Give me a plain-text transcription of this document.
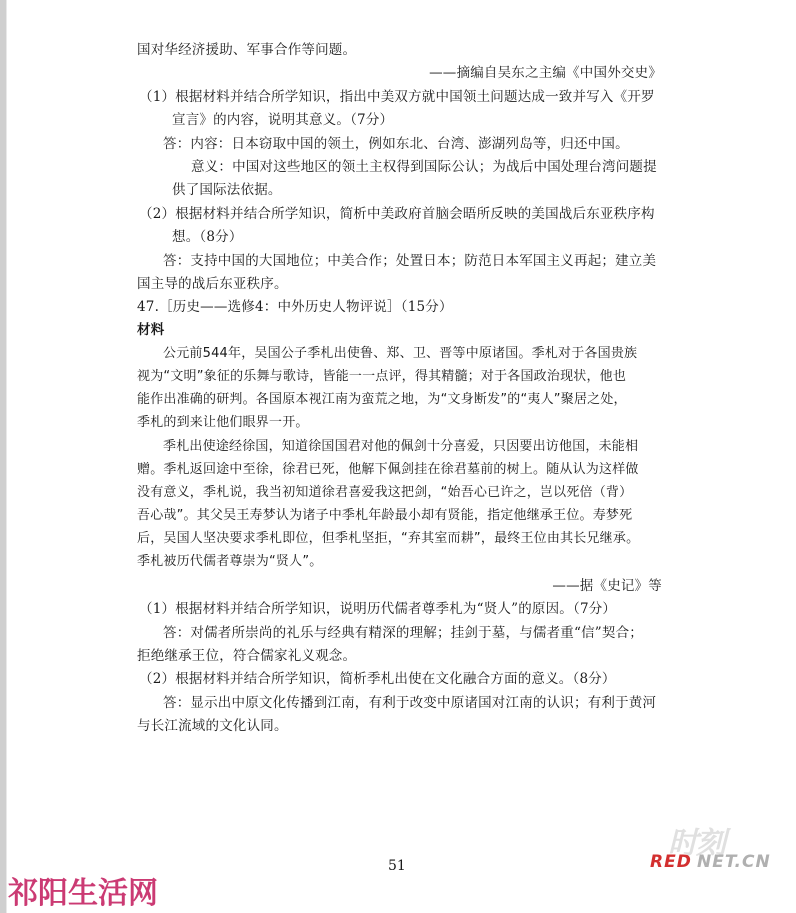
国对华经济援助、军事合作等问题。
——摘编自吴东之主编《中国外交史》
（1）根据材料并结合所学知识，指出中美双方就中国领土问题达成一致并写入《开罗
宣言》的内容，说明其意义。（7分）
答：内容：日本窃取中国的领土，例如东北、台湾、澎湖列岛等，归还中国。
意义：中国对这些地区的领土主权得到国际公认；为战后中国处理台湾问题提
供了国际法依据。
（2）根据材料并结合所学知识，简析中美政府首脑会晤所反映的美国战后东亚秩序构
想。（8分）
答：支持中国的大国地位；中美合作；处置日本；防范日本军国主义再起；建立美
国主导的战后东亚秩序。
47.［历史——选修4：中外历史人物评说］（15分）
材料
公元前544年，吴国公子季札出使鲁、郑、卫、晋等中原诸国。季札对于各国贵族
视为“文明”象征的乐舞与歌诗，皆能一一点评，得其精髓；对于各国政治现状，他也
能作出准确的研判。各国原本视江南为蛮荒之地，为“文身断发”的“夷人”聚居之处，
季札的到来让他们眼界一开。
季札出使途经徐国，知道徐国国君对他的佩剑十分喜爱，只因要出访他国，未能相
赠。季札返回途中至徐，徐君已死，他解下佩剑挂在徐君墓前的树上。随从认为这样做
没有意义，季札说，我当初知道徐君喜爱我这把剑，“始吾心已许之，岂以死倍（背）
吾心哉”。其父吴王寿梦认为诸子中季札年龄最小却有贤能，指定他继承王位。寿梦死
后，吴国人坚决要求季札即位，但季札坚拒，“弃其室而耕”，最终王位由其长兄继承。
季札被历代儒者尊崇为“贤人”。
——据《史记》等
（1）根据材料并结合所学知识，说明历代儒者尊季札为“贤人”的原因。（7分）
答：对儒者所崇尚的礼乐与经典有精深的理解；挂剑于墓，与儒者重“信”契合；
拒绝继承王位，符合儒家礼义观念。
（2）根据材料并结合所学知识，简析季札出使在文化融合方面的意义。（8分）
答：显示出中原文化传播到江南，有利于改变中原诸国对江南的认识；有利于黄河
与长江流域的文化认同。
51
祁阳生活网
时刻
RED NET.CN
